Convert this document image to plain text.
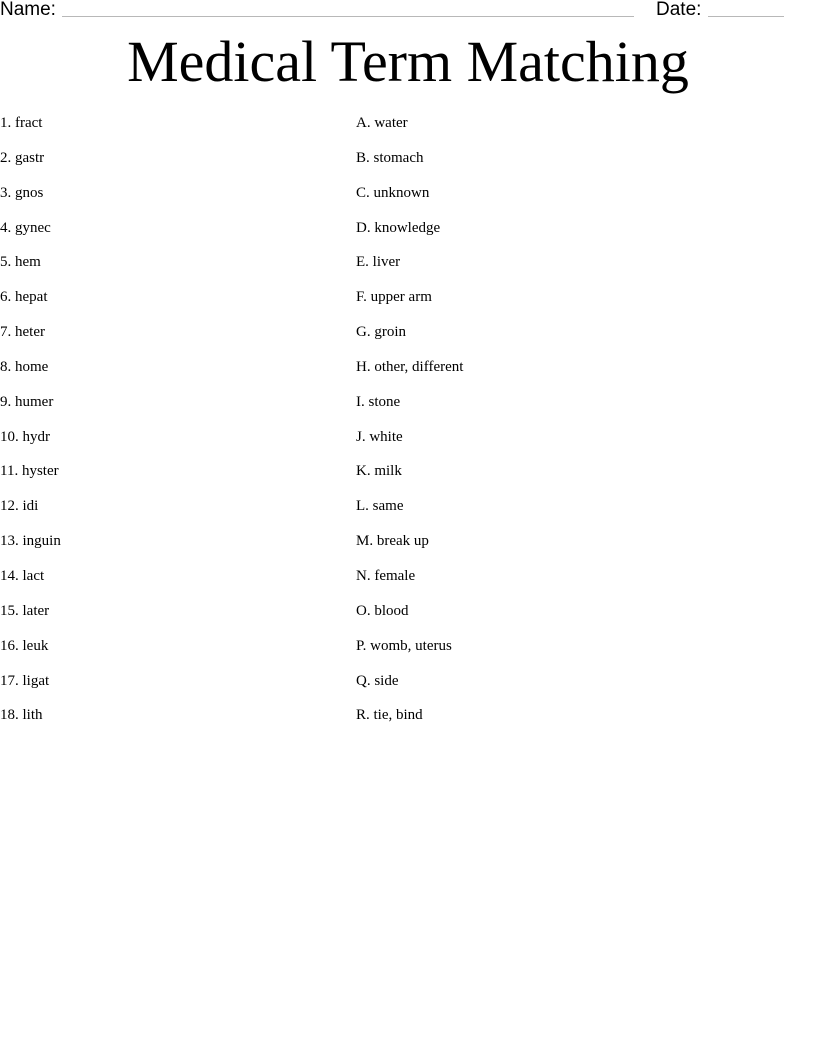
Name:	Date:
Medical Term Matching
1. fract
2. gastr
3. gnos
4. gynec
5. hem
6. hepat
7. heter
8. home
9. humer
10. hydr
11. hyster
12. idi
13. inguin
14. lact
15. later
16. leuk
17. ligat
18. lith
A. water
B. stomach
C. unknown
D. knowledge
E. liver
F. upper arm
G. groin
H. other, different
I. stone
J. white
K. milk
L. same
M. break up
N. female
O. blood
P. womb, uterus
Q. side
R. tie, bind
